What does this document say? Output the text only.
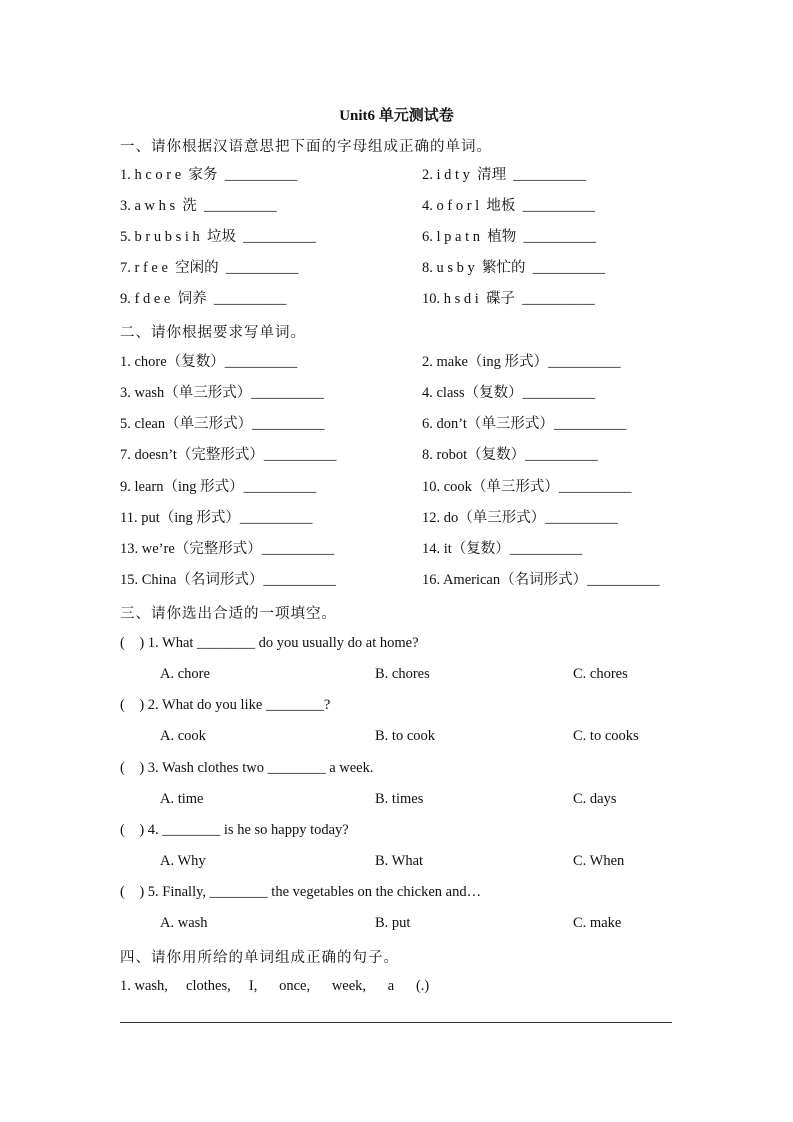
Unit6 单元测试卷
一、请你根据汉语意思把下面的字母组成正确的单词。
1. h c o r e  家务  __________	2. i d t y  清理  __________
3. a w h s  洗  __________	4. o f o r l  地板  __________
5. b r u b s i h  垃圾  __________	6. l p a t n  植物  __________
7. r f e e  空闲的  __________	8. u s b y  繁忙的  __________
9. f d e e  饲养  __________	10. h s d i  碟子  __________
二、请你根据要求写单词。
1. chore（复数）__________	2. make（ing 形式）__________
3. wash（单三形式）__________	4. class（复数）__________
5. clean（单三形式）__________	6. don’t（单三形式）__________
7. doesn’t（完整形式）__________	8. robot（复数）__________
9. learn（ing 形式）__________	10. cook（单三形式）__________
11. put（ing 形式）__________	12. do（单三形式）__________
13. we’re（完整形式）__________	14. it（复数）__________
15. China（名词形式）__________	16. American（名词形式）__________
三、请你选出合适的一项填空。
(    ) 1. What ________ do you usually do at home?
A. chore	B. chores	C. chores
(    ) 2. What do you like ________?
A. cook	B. to cook	C. to cooks
(    ) 3. Wash clothes two ________ a week.
A. time	B. times	C. days
(    ) 4. ________ is he so happy today?
A. Why	B. What	C. When
(    ) 5. Finally, ________ the vegetables on the chicken and…
A. wash	B. put	C. make
四、请你用所给的单词组成正确的句子。
1. wash,     clothes,     I,      once,      week,      a      (.)
